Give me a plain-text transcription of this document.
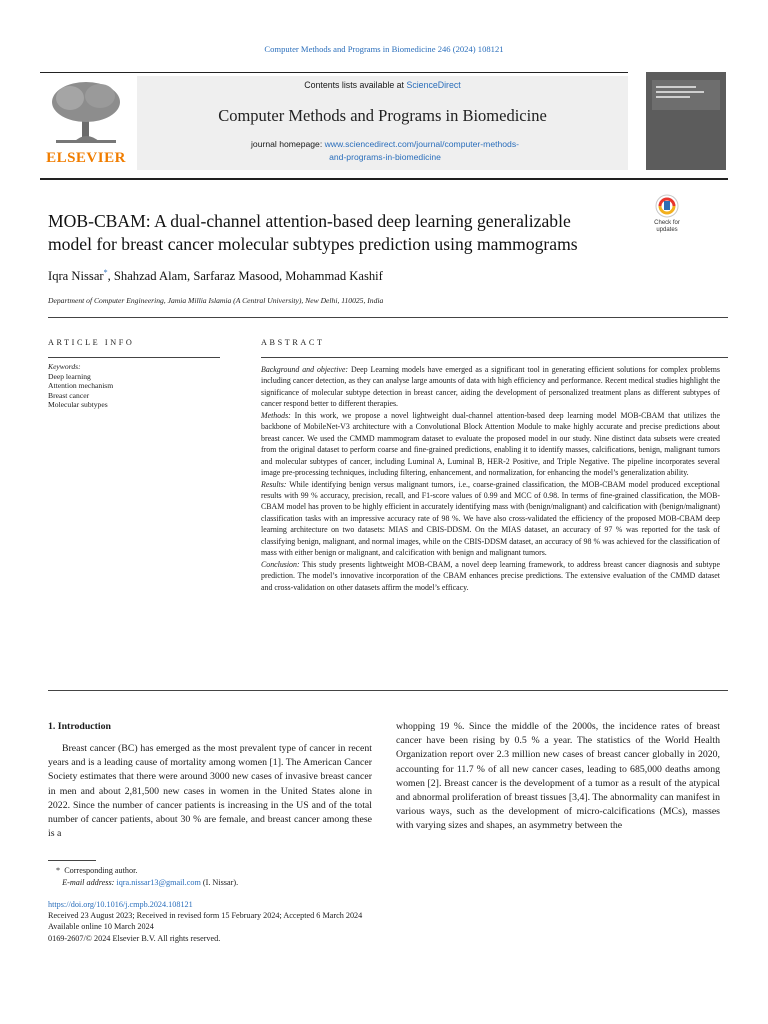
Computer Methods and Programs in Biomedicine 246 (2024) 108121
ELSEVIER
Contents lists available at ScienceDirect
Computer Methods and Programs in Biomedicine
journal homepage: www.sciencedirect.com/journal/computer-methods-
and-programs-in-biomedicine
MOB-CBAM: A dual-channel attention-based deep learning generalizable
model for breast cancer molecular subtypes prediction using mammograms
Check for
updates
Iqra Nissar*, Shahzad Alam, Sarfaraz Masood, Mohammad Kashif
Department of Computer Engineering, Jamia Millia Islamia (A Central University), New Delhi, 110025, India
ARTICLE INFO
Keywords:
Deep learning
Attention mechanism
Breast cancer
Molecular subtypes
ABSTRACT

Background and objective: Deep Learning models have emerged as a significant tool in generating efficient solutions for complex problems including cancer detection, as they can analyse large amounts of data with high efficiency and performance. Recent medical studies highlight the significance of molecular subtype detection in breast cancer, aiding the development of personalized treatment plans as different subtypes of cancer respond better to different therapies.

Methods: In this work, we propose a novel lightweight dual-channel attention-based deep learning model MOB-CBAM that utilizes the backbone of MobileNet-V3 architecture with a Convolutional Block Attention Module to make highly accurate and precise predictions about breast cancer. We used the CMMD mammogram dataset to evaluate the proposed model in our study. Nine distinct data subsets were created from the original dataset to perform coarse and fine-grained predictions, enabling it to identify masses, calcifications, benign, malignant tumors and molecular subtypes of cancer, including Luminal A, Luminal B, HER-2 Positive, and Triple Negative. The pipeline incorporates several image pre-processing techniques, including filtering, enhancement, and normalization, for enhancing the model’s generalization ability.

Results: While identifying benign versus malignant tumors, i.e., coarse-grained classification, the MOB-CBAM model produced exceptional results with 99 % accuracy, precision, recall, and F1-score values of 0.99 and MCC of 0.98. In terms of fine-grained classification, the MOB-CBAM model has proven to be highly efficient in accurately identifying mass with (benign/malignant) and calcification with (benign/malignant) classification tasks with an impressive accuracy rate of 98 %. We have also cross-validated the efficiency of the proposed MOB-CBAM deep learning architecture on two datasets: MIAS and CBIS-DDSM. On the MIAS dataset, an accuracy of 97 % was reported for the task of classifying benign, malignant, and normal images, while on the CBIS-DDSM dataset, an accuracy of 98 % was achieved for the classification of mass with either benign or malignant, and calcification with benign and malignant tumors.

Conclusion: This study presents lightweight MOB-CBAM, a novel deep learning framework, to address breast cancer diagnosis and subtype prediction. The model’s innovative incorporation of the CBAM enhances precise predictions. The extensive evaluation of the CMMD dataset and cross-validation on other datasets affirm the model’s efficacy.

1. Introduction

Breast cancer (BC) has emerged as the most prevalent type of cancer in recent years and is a leading cause of mortality among women [1]. The American Cancer Society estimates that there were around 3000 new cases of invasive breast cancer in men and about 2,81,500 new cases in women in the United States alone in 2022. Since the number of cancer patients is increasing in the US and of the total number of cancer patients, about 30 % are female, and breast cancer among these is a

whopping 19 %. Since the middle of the 2000s, the incidence rates of breast cancer have been rising by 0.5 % a year. The statistics of the World Health Organization report over 2.3 million new cases of breast cancer globally in 2020, accounting for 11.7 % of all new cancer cases, leading to 685,000 deaths among women [2]. Breast cancer is the development of a tumor as a result of the atypical and abnormal proliferation of breast tissues [3,4]. The abnormality can manifest in various ways, such as the development of micro-calcifications (MCs), masses with varying sizes and shapes, an asymmetry between the

* Corresponding author.
E-mail address: iqra.nissar13@gmail.com (I. Nissar).
https://doi.org/10.1016/j.cmpb.2024.108121
Received 23 August 2023; Received in revised form 15 February 2024; Accepted 6 March 2024
Available online 10 March 2024
0169-2607/© 2024 Elsevier B.V. All rights reserved.
